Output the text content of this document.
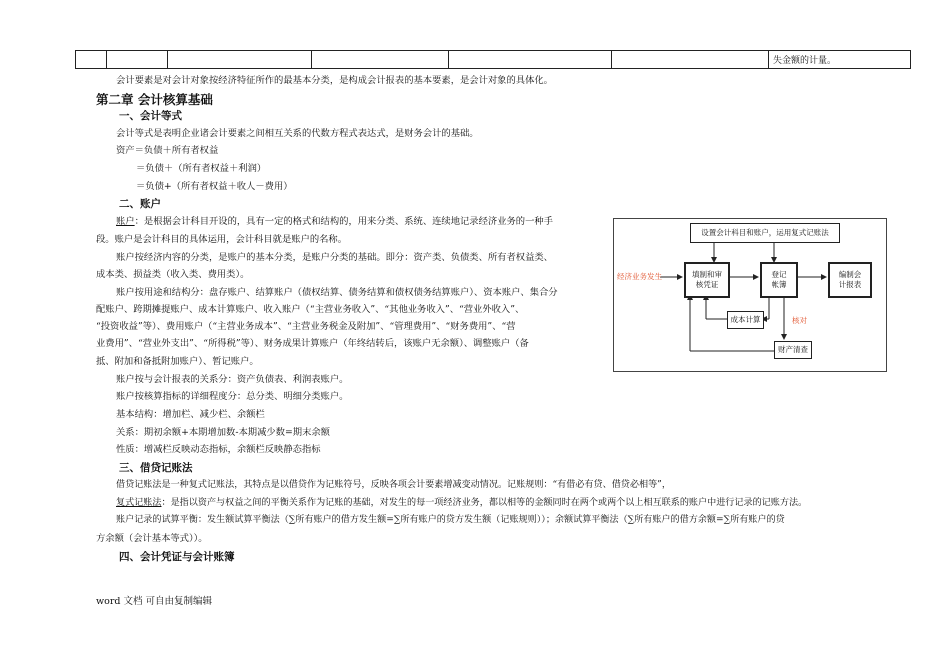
						失金额的计量。
会计要素是对会计对象按经济特征所作的最基本分类，是构成会计报表的基本要素，是会计对象的具体化。
第二章 会计核算基础
一、会计等式
会计等式是表明企业诸会计要素之间相互关系的代数方程式表达式，是财务会计的基础。
资产＝负债＋所有者权益
＝负债＋（所有者权益＋利润）
＝负债+（所有者权益＋收人－费用）
二、账户
账户：是根据会计科目开设的，具有一定的格式和结构的，用来分类、系统、连续地记录经济业务的一种手
段。账户是会计科目的具体运用，会计科目就是账户的名称。
账户按经济内容的分类，是账户的基本分类，是账户分类的基础。即分：资产类、负债类、所有者权益类、
成本类、损益类（收入类、费用类）。
账户按用途和结构分：盘存账户、结算账户（债权结算、债务结算和债权债务结算账户）、资本账户、集合分
配账户、跨期摊提账户、成本计算账户、收入账户（“主营业务收入”、“其他业务收入”、“营业外收入”、
“投资收益”等）、费用账户（“主营业务成本”、“主营业务税金及附加”、“管理费用”、“财务费用”、“营
业费用”、“营业外支出”、“所得税”等）、财务成果计算账户（年终结转后，该账户无余额）、调整账户（备
抵、附加和备抵附加账户）、暂记账户。
账户按与会计报表的关系分：资产负债表、利润表账户。
账户按核算指标的详细程度分：总分类、明细分类账户。
基本结构：增加栏、减少栏、余额栏
关系：期初余额+本期增加数-本期减少数=期末余额
性质：增减栏反映动态指标，余额栏反映静态指标
三、借贷记账法
借贷记账法是一种复式记账法，其特点是以借贷作为记账符号，反映各项会计要素增减变动情况。记账规则：“有借必有贷、借贷必相等”，
复式记账法：是指以资产与权益之间的平衡关系作为记账的基础，对发生的每一项经济业务，都以相等的金额同时在两个或两个以上相互联系的账户中进行记录的记账方法。
账户记录的试算平衡：发生额试算平衡法（∑所有账户的借方发生额=∑所有账户的贷方发生额（记账规则））；余额试算平衡法（∑所有账户的借方余额=∑所有账户的贷
方余额（会计基本等式））。
四、会计凭证与会计账簿
word 文档 可自由复制编辑
设置会计科目和账户，运用复式记账法
经济业务发生	填制和审
核凭证
登记
帐簿
编制会
计报表
成本计算	核对
财产清查
